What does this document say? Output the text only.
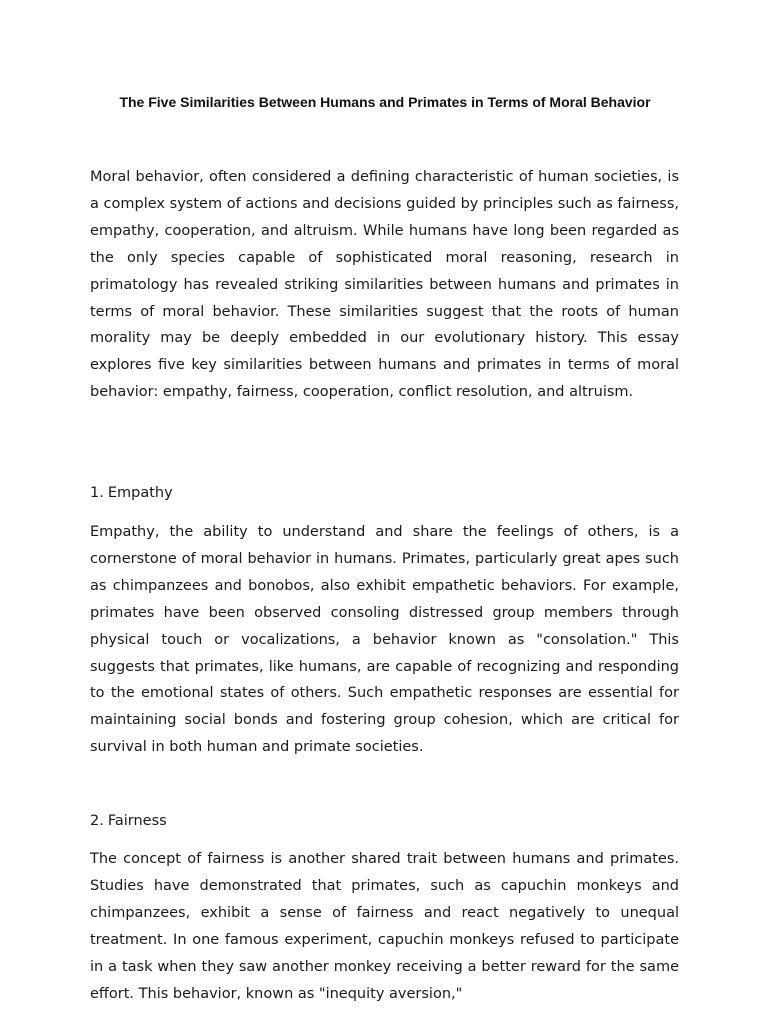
The Five Similarities Between Humans and Primates in Terms of Moral Behavior

Moral behavior, often considered a defining characteristic of human societies, is a complex system of actions and decisions guided by principles such as fairness, empathy, cooperation, and altruism. While humans have long been regarded as the only species capable of sophisticated moral reasoning, research in primatology has revealed striking similarities between humans and primates in terms of moral behavior. These similarities suggest that the roots of human morality may be deeply embedded in our evolutionary history. This essay explores five key similarities between humans and primates in terms of moral behavior: empathy, fairness, cooperation, conflict resolution, and altruism.

1. Empathy

Empathy, the ability to understand and share the feelings of others, is a cornerstone of moral behavior in humans. Primates, particularly great apes such as chimpanzees and bonobos, also exhibit empathetic behaviors. For example, primates have been observed consoling distressed group members through physical touch or vocalizations, a behavior known as "consolation." This suggests that primates, like humans, are capable of recognizing and responding to the emotional states of others. Such empathetic responses are essential for maintaining social bonds and fostering group cohesion, which are critical for survival in both human and primate societies.

2. Fairness

The concept of fairness is another shared trait between humans and primates. Studies have demonstrated that primates, such as capuchin monkeys and chimpanzees, exhibit a sense of fairness and react negatively to unequal treatment. In one famous experiment, capuchin monkeys refused to participate in a task when they saw another monkey receiving a better reward for the same effort. This behavior, known as "inequity aversion,"
